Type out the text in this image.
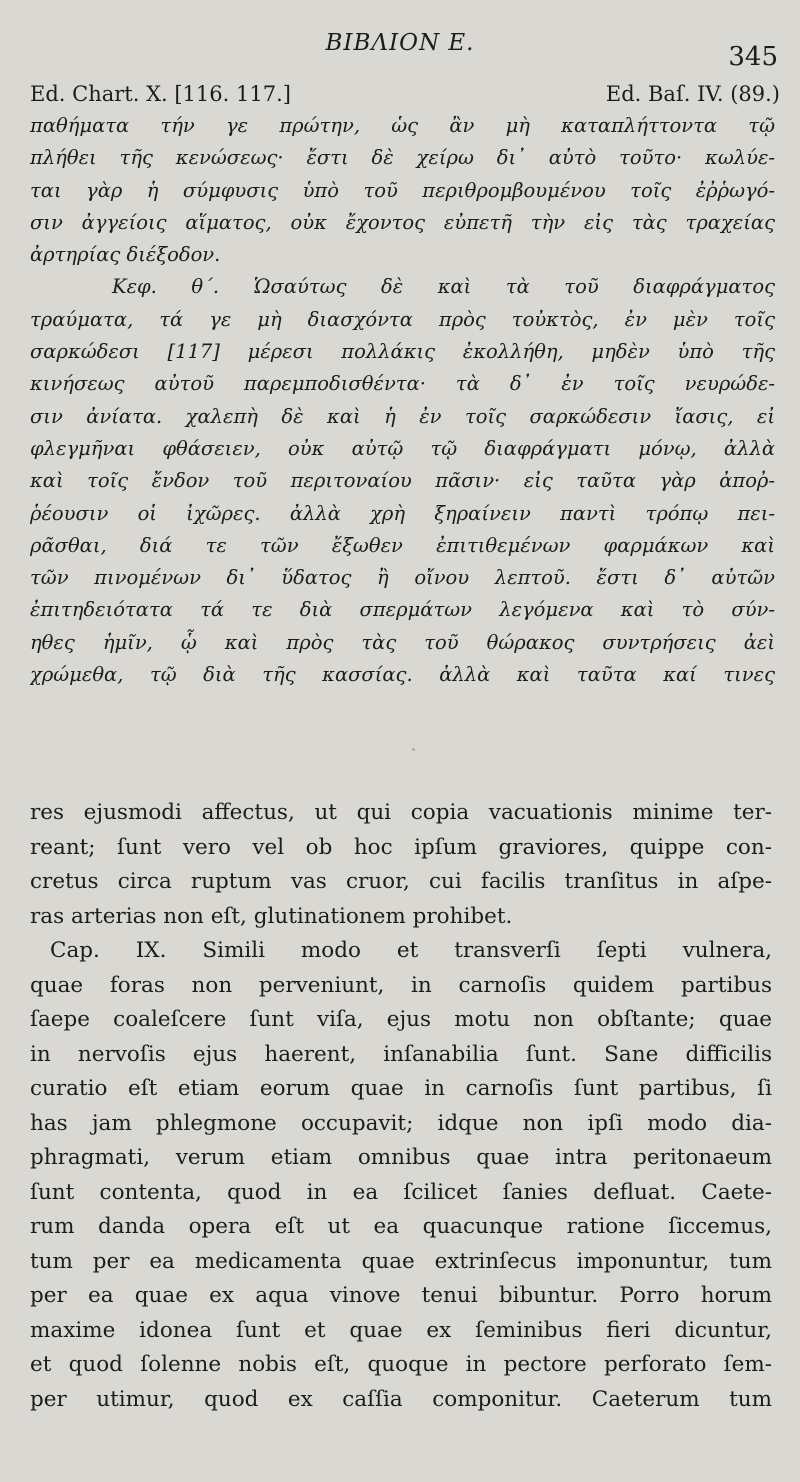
ΒΙΒΛΙΟΝ Ε.	345
Ed. Chart. X. [116. 117.]	Ed. Baſ. IV. (89.)
παθήματα τήν γε πρώτην, ὡς ἂν μὴ καταπλήττοντα τῷ
πλήθει τῆς κενώσεως· ἔστι δὲ χείρω δι᾽ αὐτὸ τοῦτο· κωλύε-
ται γὰρ ἡ σύμφυσις ὑπὸ τοῦ περιθρομβουμένου τοῖς ἐῤῥωγό-
σιν ἀγγείοις αἵματος, οὐκ ἔχοντος εὐπετῆ τὴν εἰς τὰς τραχείας
ἀρτηρίας διέξοδον.
Κεφ. θ΄. Ὡσαύτως δὲ καὶ τὰ τοῦ διαφράγματος
τραύματα, τά γε μὴ διασχόντα πρὸς τοὐκτὸς, ἐν μὲν τοῖς
σαρκώδεσι [117] μέρεσι πολλάκις ἐκολλήθη, μηδὲν ὑπὸ τῆς
κινήσεως αὐτοῦ παρεμποδισθέντα· τὰ δ᾽ ἐν τοῖς νευρώδε-
σιν ἀνίατα. χαλεπὴ δὲ καὶ ἡ ἐν τοῖς σαρκώδεσιν ἴασις, εἰ
φλεγμῆναι φθάσειεν, οὐκ αὐτῷ τῷ διαφράγματι μόνῳ, ἀλλὰ
καὶ τοῖς ἔνδον τοῦ περιτοναίου πᾶσιν· εἰς ταῦτα γὰρ ἀποῤ-
ῥέουσιν οἱ ἰχῶρες. ἀλλὰ χρὴ ξηραίνειν παντὶ τρόπῳ πει-
ρᾶσθαι, διά τε τῶν ἔξωθεν ἐπιτιθεμένων φαρμάκων καὶ
τῶν πινομένων δι᾽ ὕδατος ἢ οἴνου λεπτοῦ. ἔστι δ᾽ αὐτῶν
ἐπιτηδειότατα τά τε διὰ σπερμάτων λεγόμενα καὶ τὸ σύν-
ηθες ἡμῖν, ᾧ καὶ πρὸς τὰς τοῦ θώρακος συντρήσεις ἀεὶ
χρώμεθα, τῷ διὰ τῆς κασσίας. ἀλλὰ καὶ ταῦτα καί τινες
res ejusmodi affectus, ut qui copia vacuationis minime ter-
reant; ſunt vero vel ob hoc ipſum graviores, quippe con-
cretus circa ruptum vas cruor, cui facilis tranſitus in aſpe-
ras arterias non eſt, glutinationem prohibet.
Cap. IX. Simili modo et transverſi ſepti vulnera,
quae foras non perveniunt, in carnoſis quidem partibus
ſaepe coaleſcere ſunt viſa, ejus motu non obſtante; quae
in nervoſis ejus haerent, inſanabilia ſunt. Sane difficilis
curatio eſt etiam eorum quae in carnoſis ſunt partibus, ſi
has jam phlegmone occupavit; idque non ipſi modo dia-
phragmati, verum etiam omnibus quae intra peritonaeum
ſunt contenta, quod in ea ſcilicet ſanies defluat. Caete-
rum danda opera eſt ut ea quacunque ratione ſiccemus,
tum per ea medicamenta quae extrinſecus imponuntur, tum
per ea quae ex aqua vinove tenui bibuntur. Porro horum
maxime idonea ſunt et quae ex ſeminibus fieri dicuntur,
et quod ſolenne nobis eſt, quoque in pectore perforato ſem-
per utimur, quod ex caſſia componitur. Caeterum tum
